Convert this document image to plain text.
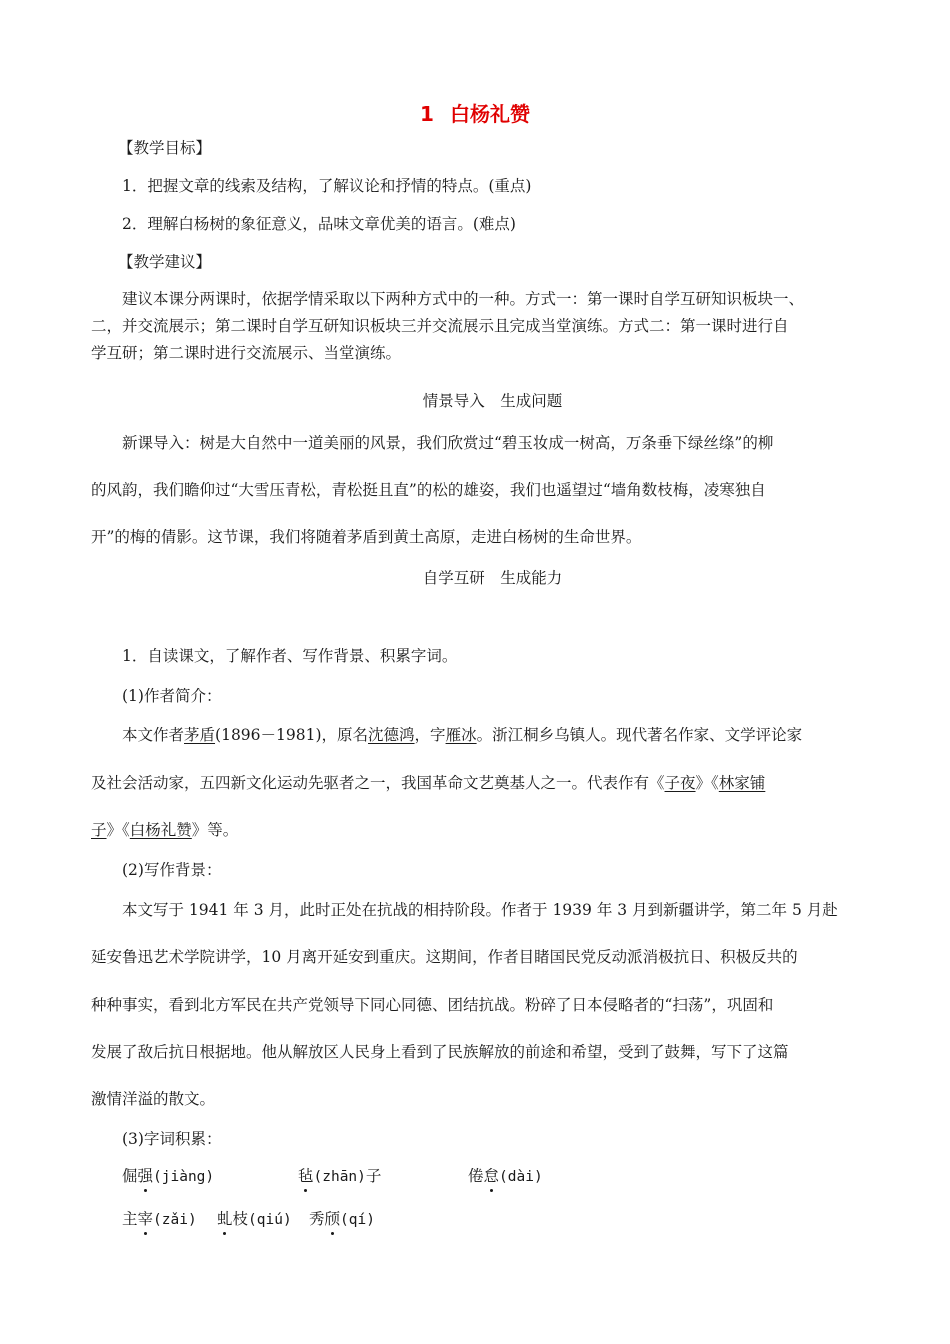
1 白杨礼赞
【教学目标】
1．把握文章的线索及结构，了解议论和抒情的特点。(重点)
2．理解白杨树的象征意义，品味文章优美的语言。(难点)
【教学建议】
建议本课分两课时，依据学情采取以下两种方式中的一种。方式一：第一课时自学互研知识板块一、
二，并交流展示；第二课时自学互研知识板块三并交流展示且完成当堂演练。方式二：第一课时进行自
学互研；第二课时进行交流展示、当堂演练。
情景导入　生成问题
新课导入：树是大自然中一道美丽的风景，我们欣赏过“碧玉妆成一树高，万条垂下绿丝绦”的柳
的风韵，我们瞻仰过“大雪压青松，青松挺且直”的松的雄姿，我们也遥望过“墙角数枝梅，凌寒独自
开”的梅的倩影。这节课，我们将随着茅盾到黄土高原，走进白杨树的生命世界。
自学互研　生成能力
1．自读课文，了解作者、写作背景、积累字词。
(1)作者简介：
本文作者茅盾(1896－1981)，原名沈德鸿，字雁冰。浙江桐乡乌镇人。现代著名作家、文学评论家
及社会活动家，五四新文化运动先驱者之一，我国革命文艺奠基人之一。代表作有《子夜》《林家铺
子》《白杨礼赞》等。
(2)写作背景：
本文写于 1941 年 3 月，此时正处在抗战的相持阶段。作者于 1939 年 3 月到新疆讲学，第二年 5 月赴
延安鲁迅艺术学院讲学，10 月离开延安到重庆。这期间，作者目睹国民党反动派消极抗日、积极反共的
种种事实，看到北方军民在共产党领导下同心同德、团结抗战。粉碎了日本侵略者的“扫荡”，巩固和
发展了敌后抗日根据地。他从解放区人民身上看到了民族解放的前途和希望，受到了鼓舞，写下了这篇
激情洋溢的散文。
(3)字词积累：
倔强(jiàng)	毡(zhān)子	倦怠(dài)
主宰(zǎi) 虬枝(qiú) 秀颀(qí)
